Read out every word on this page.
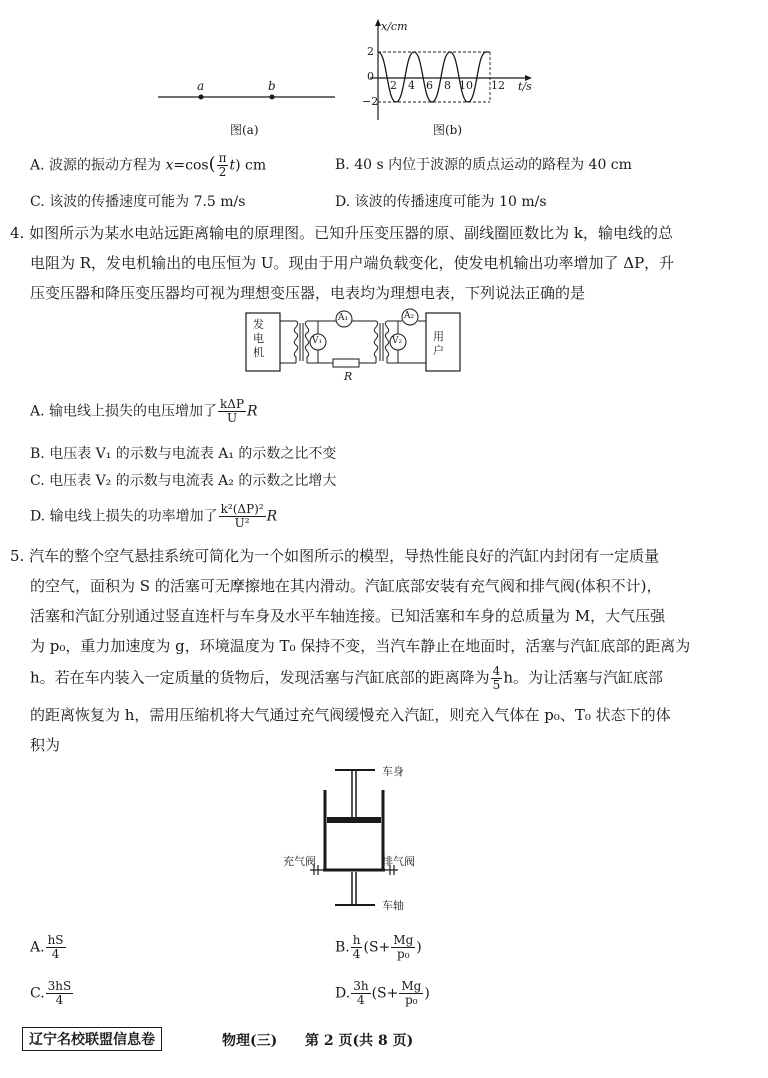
a	b
图(a)
x/cm
t/s
2
0
−2
2 4 6 8 10 12
图(b)
A. 波源的振动方程为 $x=\cos( \frac{\pi}{2} t)$ cm	B. 40 s 内位于波源的质点运动的路程为 40 cm
C. 该波的传播速度可能为 7.5 m/s	D. 该波的传播速度可能为 10 m/s
4. 如图所示为某水电站远距离输电的原理图。已知升压变压器的原、副线圈匝数比为 k，输电线的总
电阻为 R，发电机输出的电压恒为 U。现由于用户端负载变化，使发电机输出功率增加了 ΔP，升
压变压器和降压变压器均可视为理想变压器，电表均为理想电表，下列说法正确的是
发电机
用户
V₁
A₁
V₂
A₂
R
A. 输电线上损失的电压增加了 $\frac{\text{kΔP}}{U}$ R
B. 电压表 V₁ 的示数与电流表 A₁ 的示数之比不变
C. 电压表 V₂ 的示数与电流表 A₂ 的示数之比增大
D. 输电线上损失的功率增加了 $\frac{\text{k²(ΔP)²}}{\text{U²}}$ R
5. 汽车的整个空气悬挂系统可简化为一个如图所示的模型，导热性能良好的汽缸内封闭有一定质量
的空气，面积为 S 的活塞可无摩擦地在其内滑动。汽缸底部安装有充气阀和排气阀(体积不计)，
活塞和汽缸分别通过竖直连杆与车身及水平车轴连接。已知活塞和车身的总质量为 M，大气压强
为 p₀，重力加速度为 g，环境温度为 T₀ 保持不变，当汽车静止在地面时，活塞与汽缸底部的距离为
h。若在车内装入一定质量的货物后，发现活塞与汽缸底部的距离降为 $\frac{4}{5}$ h。为让活塞与汽缸底部
的距离恢复为 h，需用压缩机将大气通过充气阀缓慢充入汽缸，则充入气体在 p₀、T₀ 状态下的体
积为
车身
充气阀	排气阀
车轴
A. $\frac{hS}{4}$	B. $\frac{h}{4} (S+ \frac{Mg}{\text{p₀}}$ )
C. $\frac{3hS}{4}$	D. $\frac{3h}{4} (S+ \frac{Mg}{\text{p₀}}$ )
辽宁名校联盟信息卷	物理(三) 第 2 页(共 8 页)
